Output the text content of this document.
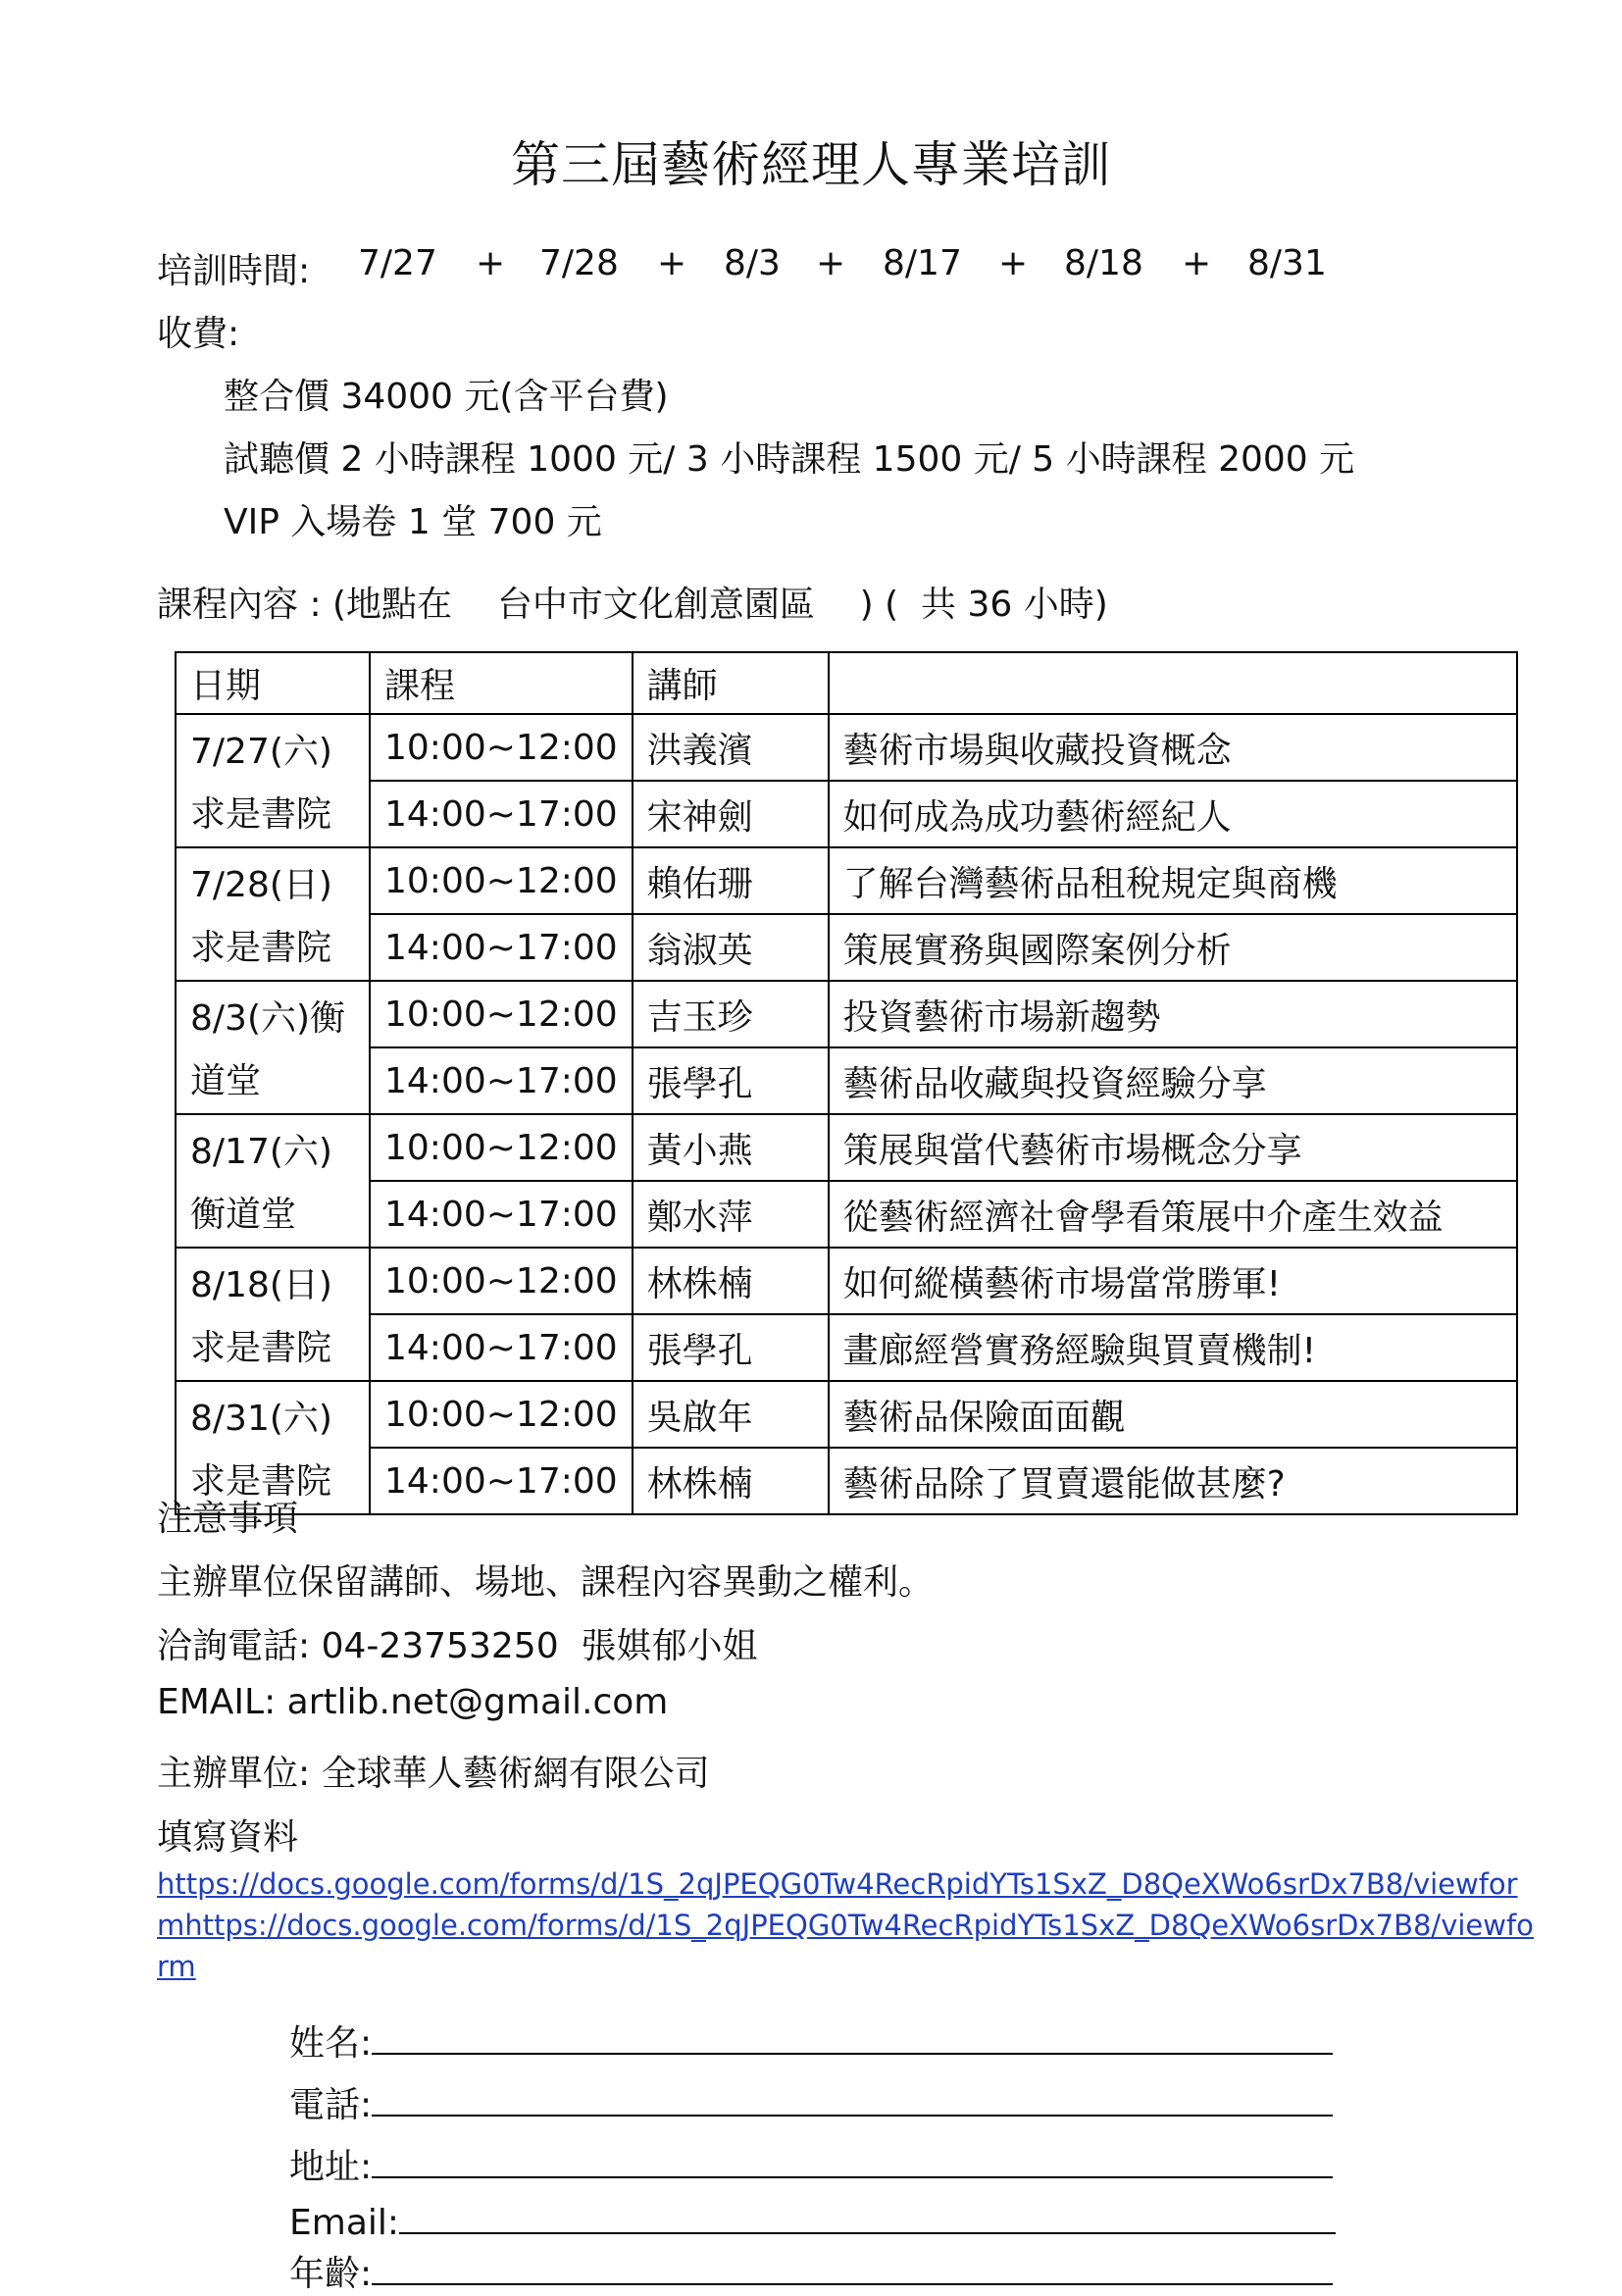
第三屆藝術經理人專業培訓
培訓時間: 7/27 + 7/28 + 8/3 + 8/17 + 8/18 + 8/31
收費:
整合價 34000 元(含平台費)
試聽價 2 小時課程 1000 元/ 3 小時課程 1500 元/ 5 小時課程 2000 元
VIP 入場卷 1 堂 700 元
課程內容 : (地點在    台中市文化創意園區    ) (  共 36 小時)
日期	課程	講師	
7/27(六)求是書院	10:00~12:00	洪義濱	藝術市場與收藏投資概念
	14:00~17:00	宋神劍	如何成為成功藝術經紀人
7/28(日)求是書院	10:00~12:00	賴佑珊	了解台灣藝術品租稅規定與商機
	14:00~17:00	翁淑英	策展實務與國際案例分析
8/3(六)衡道堂	10:00~12:00	吉玉珍	投資藝術市場新趨勢
	14:00~17:00	張學孔	藝術品收藏與投資經驗分享
8/17(六)衡道堂	10:00~12:00	黃小燕	策展與當代藝術市場概念分享
	14:00~17:00	鄭水萍	從藝術經濟社會學看策展中介產生效益
8/18(日)求是書院	10:00~12:00	林株楠	如何縱橫藝術市場當常勝軍!
	14:00~17:00	張學孔	畫廊經營實務經驗與買賣機制!
8/31(六)求是書院	10:00~12:00	吳啟年	藝術品保險面面觀
	14:00~17:00	林株楠	藝術品除了買賣還能做甚麼?
注意事項
主辦單位保留講師、場地、課程內容異動之權利。
洽詢電話: 04-23753250  張娸郁小姐
EMAIL: artlib.net@gmail.com
主辦單位: 全球華人藝術網有限公司
填寫資料
https://docs.google.com/forms/d/1S_2qJPEQG0Tw4RecRpidYTs1SxZ_D8QeXWo6srDx7B8/viewfor
mhttps://docs.google.com/forms/d/1S_2qJPEQG0Tw4RecRpidYTs1SxZ_D8QeXWo6srDx7B8/viewfo
rm
姓名:
電話:
地址:
Email:
年齡:
